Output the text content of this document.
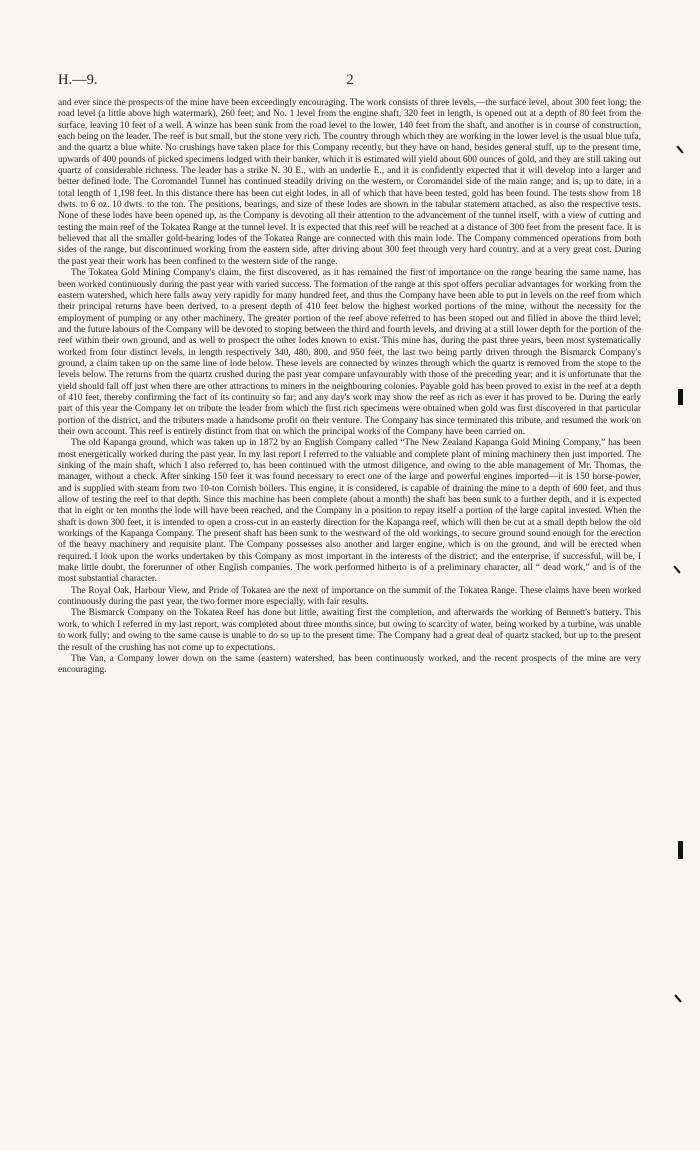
H.—9.	2

and ever since the prospects of the mine have been exceedingly encouraging. The work consists of three levels,—the surface level, about 300 feet long; the road level (a little above high watermark), 260 feet; and No. 1 level from the engine shaft, 320 feet in length, is opened out at a depth of 80 feet from the surface, leaving 10 feet of a well. A winze has been sunk from the road level to the lower, 140 feet from the shaft, and another is in course of construction, each being on the leader. The reef is but small, but the stone very rich. The country through which they are working in the lower level is the usual blue tufa, and the quartz a blue white. No crushings have taken place for this Company recently, but they have on hand, besides general stuff, up to the present time, upwards of 400 pounds of picked specimens lodged with their banker, which it is estimated will yield about 600 ounces of gold, and they are still taking out quartz of considerable richness. The leader has a strike N. 30 E., with an underlie E., and it is confidently expected that it will develop into a larger and better defined lode. The Coromandel Tunnel has continued steadily driving on the western, or Coromandel side of the main range; and is, up to date, in a total length of 1,198 feet. In this distance there has been cut eight lodes, in all of which that have been tested, gold has been found. The tests show from 18 dwts. to 6 oz. 10 dwts. to the ton. The positions, bearings, and size of these lodes are shown in the tabular statement attached, as also the respective tests. None of these lodes have been opened up, as the Company is devoting all their attention to the advancement of the tunnel itself, with a view of cutting and testing the main reef of the Tokatea Range at the tunnel level. It is expected that this reef will be reached at a distance of 300 feet from the present face. It is believed that all the smaller gold-bearing lodes of the Tokatea Range are connected with this main lode. The Company commenced operations from both sides of the range, but discontinued working from the eastern side, after driving about 300 feet through very hard country, and at a very great cost. During the past year their work has been confined to the western side of the range.

The Tokatea Gold Mining Company's claim, the first discovered, as it has remained the first of importance on the range bearing the same name, has been worked continuously during the past year with varied success. The formation of the range at this spot offers peculiar advantages for working from the eastern watershed, which here falls away very rapidly for many hundred feet, and thus the Company have been able to put in levels on the reef from which their principal returns have been derived, to a present depth of 410 feet below the highest worked portions of the mine, without the necessity for the employment of pumping or any other machinery. The greater portion of the reef above referred to has been stoped out and filled in above the third level; and the future labours of the Company will be devoted to stoping between the third and fourth levels, and driving at a still lower depth for the portion of the reef within their own ground, and as well to prospect the other lodes known to exist. This mine has, during the past three years, been most systematically worked from four distinct levels, in length respectively 340, 480, 800, and 950 feet, the last two being partly driven through the Bismarck Company's ground, a claim taken up on the same line of lode below. These levels are connected by winzes through which the quartz is removed from the stope to the levels below. The returns from the quartz crushed during the past year compare unfavourably with those of the preceding year; and it is unfortunate that the yield should fall off just when there are other attractions to miners in the neighbouring colonies. Payable gold has been proved to exist in the reef at a depth of 410 feet, thereby confirming the fact of its continuity so far; and any day's work may show the reef as rich as ever it has proved to be. During the early part of this year the Company let on tribute the leader from which the first rich specimens were obtained when gold was first discovered in that particular portion of the district, and the tributers made a handsome profit on their venture. The Company has since terminated this tribute, and resumed the work on their own account. This reef is entirely distinct from that on which the principal works of the Company have been carried on.

The old Kapanga ground, which was taken up in 1872 by an English Company called “The New Zealand Kapanga Gold Mining Company,” has been most energetically worked during the past year. In my last report I referred to the valuable and complete plant of mining machinery then just imported. The sinking of the main shaft, which I also referred to, has been continued with the utmost diligence, and owing to the able management of Mr. Thomas, the manager, without a check. After sinking 150 feet it was found necessary to erect one of the large and powerful engines imported—it is 150 horse-power, and is supplied with steam from two 10-ton Cornish boilers. This engine, it is considered, is capable of draining the mine to a depth of 600 feet, and thus allow of testing the reef to that depth. Since this machine has been complete (about a month) the shaft has been sunk to a further depth, and it is expected that in eight or ten months the lode will have been reached, and the Company in a position to repay itself a portion of the large capital invested. When the shaft is down 300 feet, it is intended to open a cross-cut in an easterly direction for the Kapanga reef, which will then be cut at a small depth below the old workings of the Kapanga Company. The present shaft has been sunk to the westward of the old workings, to secure ground sound enough for the erection of the heavy machinery and requisite plant. The Company possesses also another and larger engine, which is on the ground, and will be erected when required. I look upon the works undertaken by this Company as most important in the interests of the district; and the enterprise, if successful, will be, I make little doubt, the forerunner of other English companies. The work performed hitherto is of a preliminary character, all “ dead work,” and is of the most substantial character.

The Royal Oak, Harbour View, and Pride of Tokatea are the next of importance on the summit of the Tokatea Range. These claims have been worked continuously during the past year, the two former more especially, with fair results.

The Bismarck Company on the Tokatea Reef has done but little, awaiting first the completion, and afterwards the working of Bennett's battery. This work, to which I referred in my last report, was completed about three months since, but owing to scarcity of water, being worked by a turbine, was unable to work fully; and owing to the same cause is unable to do so up to the present time. The Company had a great deal of quartz stacked, but up to the present the result of the crushing has not come up to expectations.

The Van, a Company lower down on the same (eastern) watershed, has been continuously worked, and the recent prospects of the mine are very encouraging.
